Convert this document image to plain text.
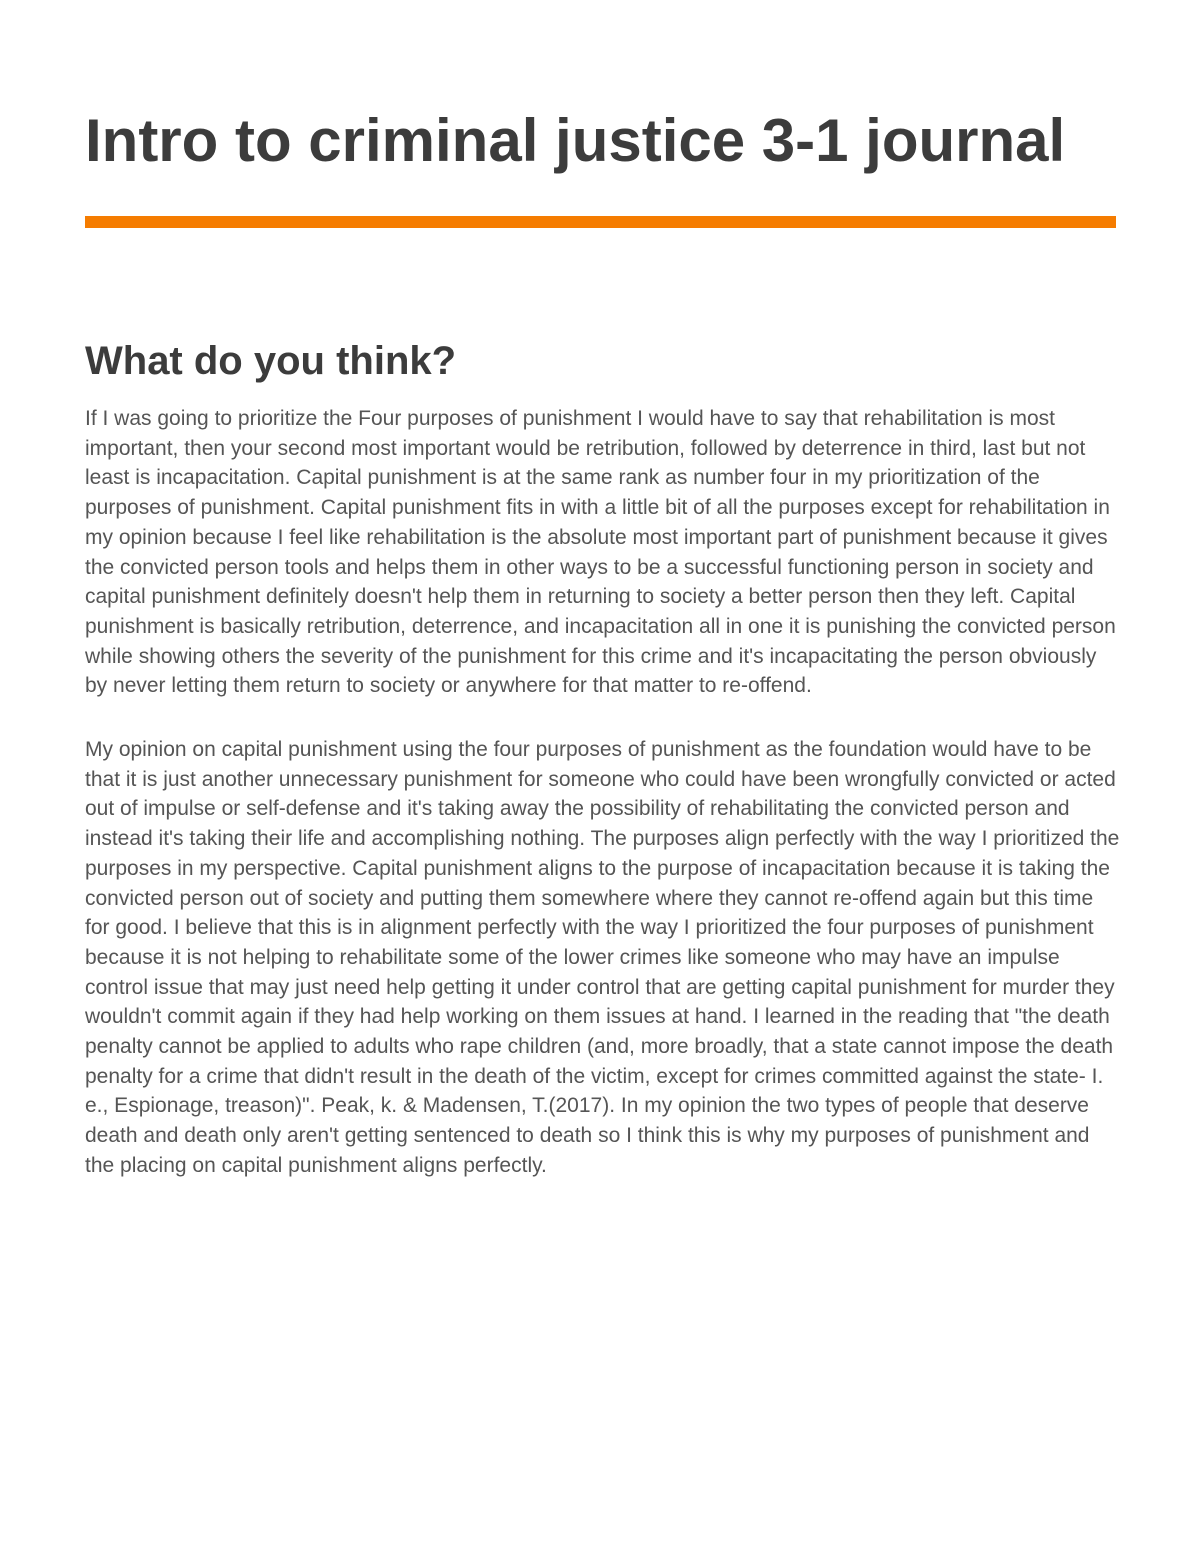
Intro to criminal justice 3-1 journal
What do you think?

If I was going to prioritize the Four purposes of punishment I would have to say that rehabilitation is most important, then your second most important would be retribution, followed by deterrence in third, last but not least is incapacitation. Capital punishment is at the same rank as number four in my prioritization of the purposes of punishment. Capital punishment fits in with a little bit of all the purposes except for rehabilitation in my opinion because I feel like rehabilitation is the absolute most important part of punishment because it gives the convicted person tools and helps them in other ways to be a successful functioning person in society and capital punishment definitely doesn't help them in returning to society a better person then they left. Capital punishment is basically retribution, deterrence, and incapacitation all in one it is punishing the convicted person while showing others the severity of the punishment for this crime and it's incapacitating the person obviously by never letting them return to society or anywhere for that matter to re-offend.

My opinion on capital punishment using the four purposes of punishment as the foundation would have to be that it is just another unnecessary punishment for someone who could have been wrongfully convicted or acted out of impulse or self-defense and it's taking away the possibility of rehabilitating the convicted person and instead it's taking their life and accomplishing nothing. The purposes align perfectly with the way I prioritized the purposes in my perspective. Capital punishment aligns to the purpose of incapacitation because it is taking the convicted person out of society and putting them somewhere where they cannot re-offend again but this time for good. I believe that this is in alignment perfectly with the way I prioritized the four purposes of punishment because it is not helping to rehabilitate some of the lower crimes like someone who may have an impulse control issue that may just need help getting it under control that are getting capital punishment for murder they wouldn't commit again if they had help working on them issues at hand. I learned in the reading that "the death penalty cannot be applied to adults who rape children (and, more broadly, that a state cannot impose the death penalty for a crime that didn't result in the death of the victim, except for crimes committed against the state- I. e., Espionage, treason)". Peak, k. & Madensen, T.(2017). In my opinion the two types of people that deserve death and death only aren't getting sentenced to death so I think this is why my purposes of punishment and the placing on capital punishment aligns perfectly.
